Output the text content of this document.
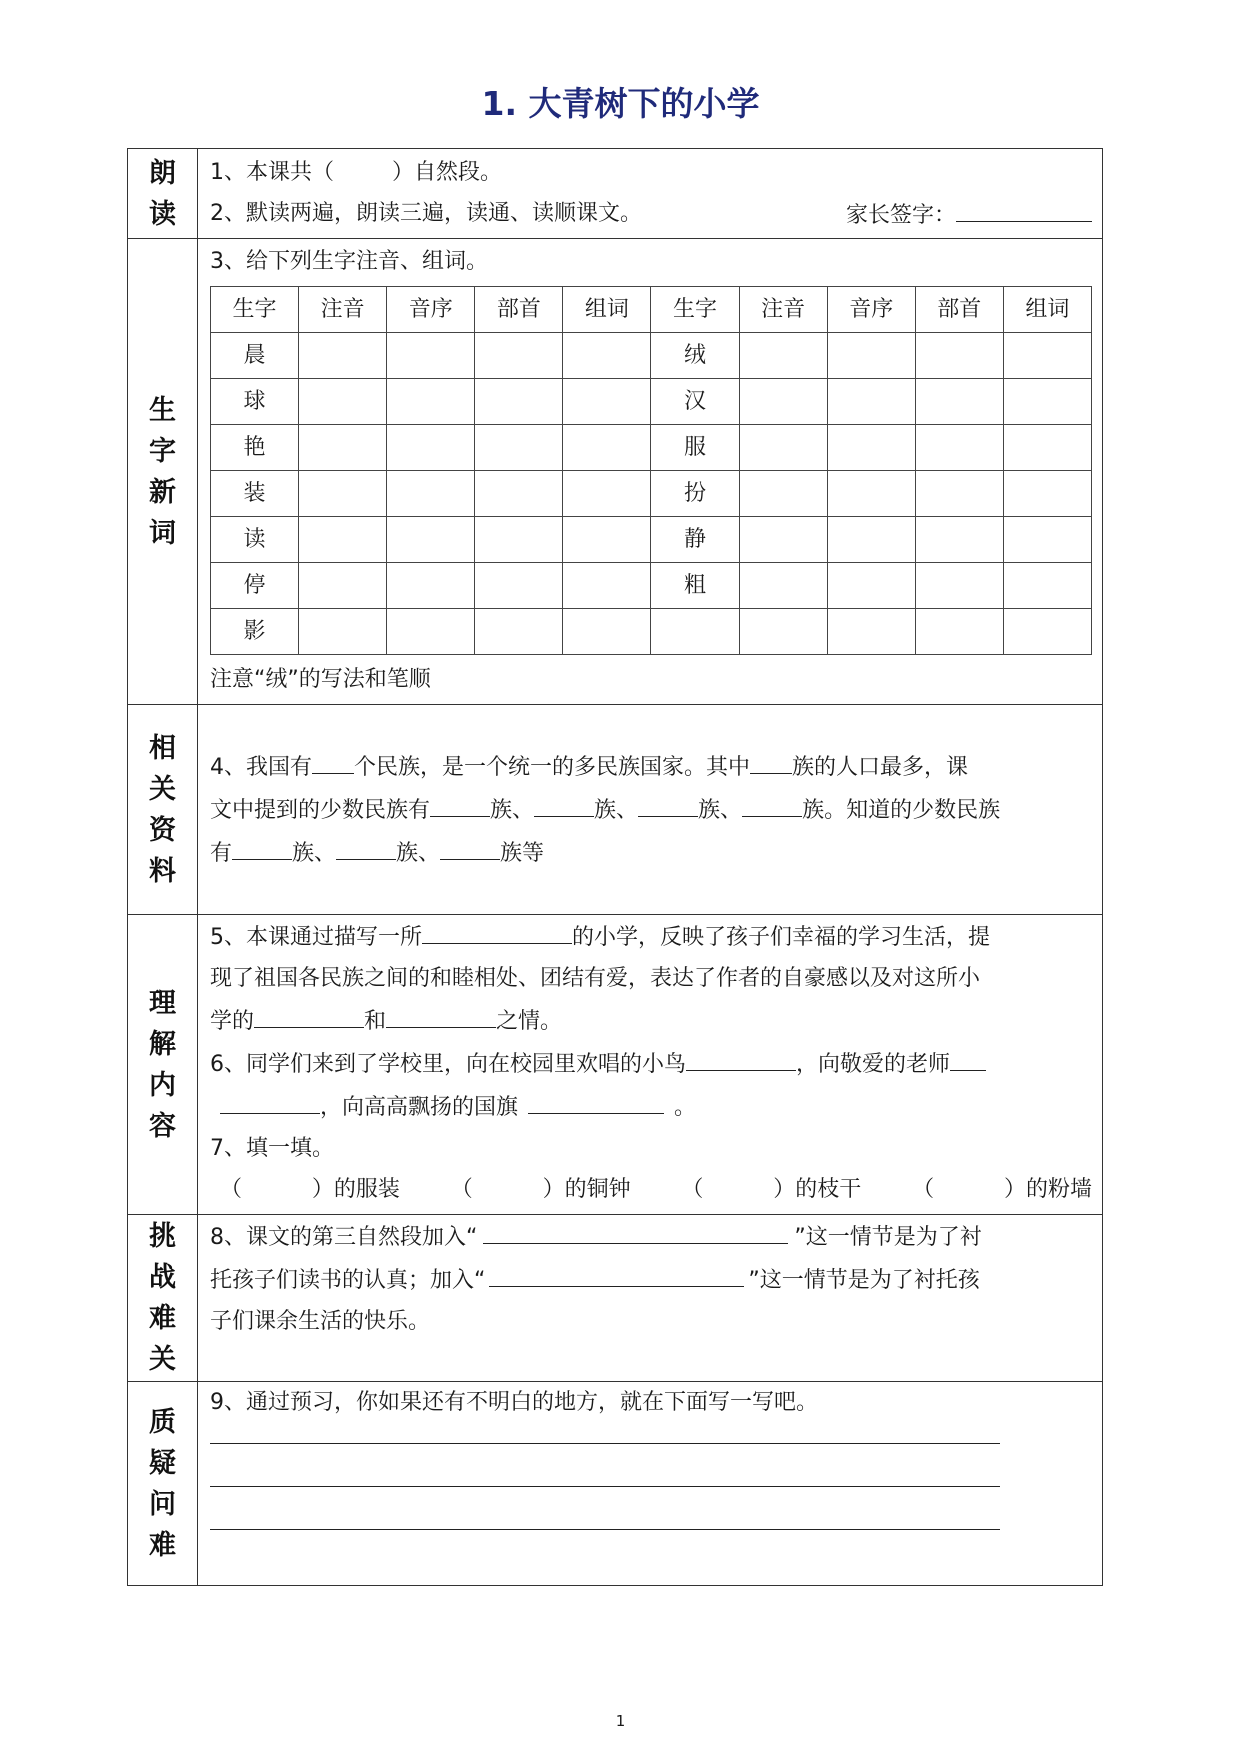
1. 大青树下的小学
朗
读

1、本课共（	）自然段。
2、默读两遍，朗读三遍，读通、读顺课文。	家长签字：

生
字
新
词

3、给下列生字注音、组词。
生字	注音	音序	部首	组词	生字	注音	音序	部首	组词
晨					绒				
球					汉				
艳					服				
装					扮				
读					静				
停					粗				
影									
注意“绒”的写法和笔顺

相
关
资
料

4、我国有 个民族，是一个统一的多民族国家。其中 族的人口最多，课
文中提到的少数民族有	族、	族、	族、	族。知道的少数民族
有	族、	族、	族等

理
解
内
容

5、本课通过描写一所	的小学，反映了孩子们幸福的学习生活，提
现了祖国各民族之间的和睦相处、团结有爱，表达了作者的自豪感以及对这所小
学的	和	之情。
6、同学们来到了学校里，向在校园里欢唱的小鸟	，向敬爱的老师
，向高高飘扬的国旗	。
7、填一填。
（          ）的服装 （          ）的铜钟 （          ）的枝干 （          ）的粉墙

挑
战
难
关

8、课文的第三自然段加入“	”这一情节是为了衬
托孩子们读书的认真；加入“	”这一情节是为了衬托孩
子们课余生活的快乐。

质
疑
问
难

9、通过预习，你如果还有不明白的地方，就在下面写一写吧。
1
